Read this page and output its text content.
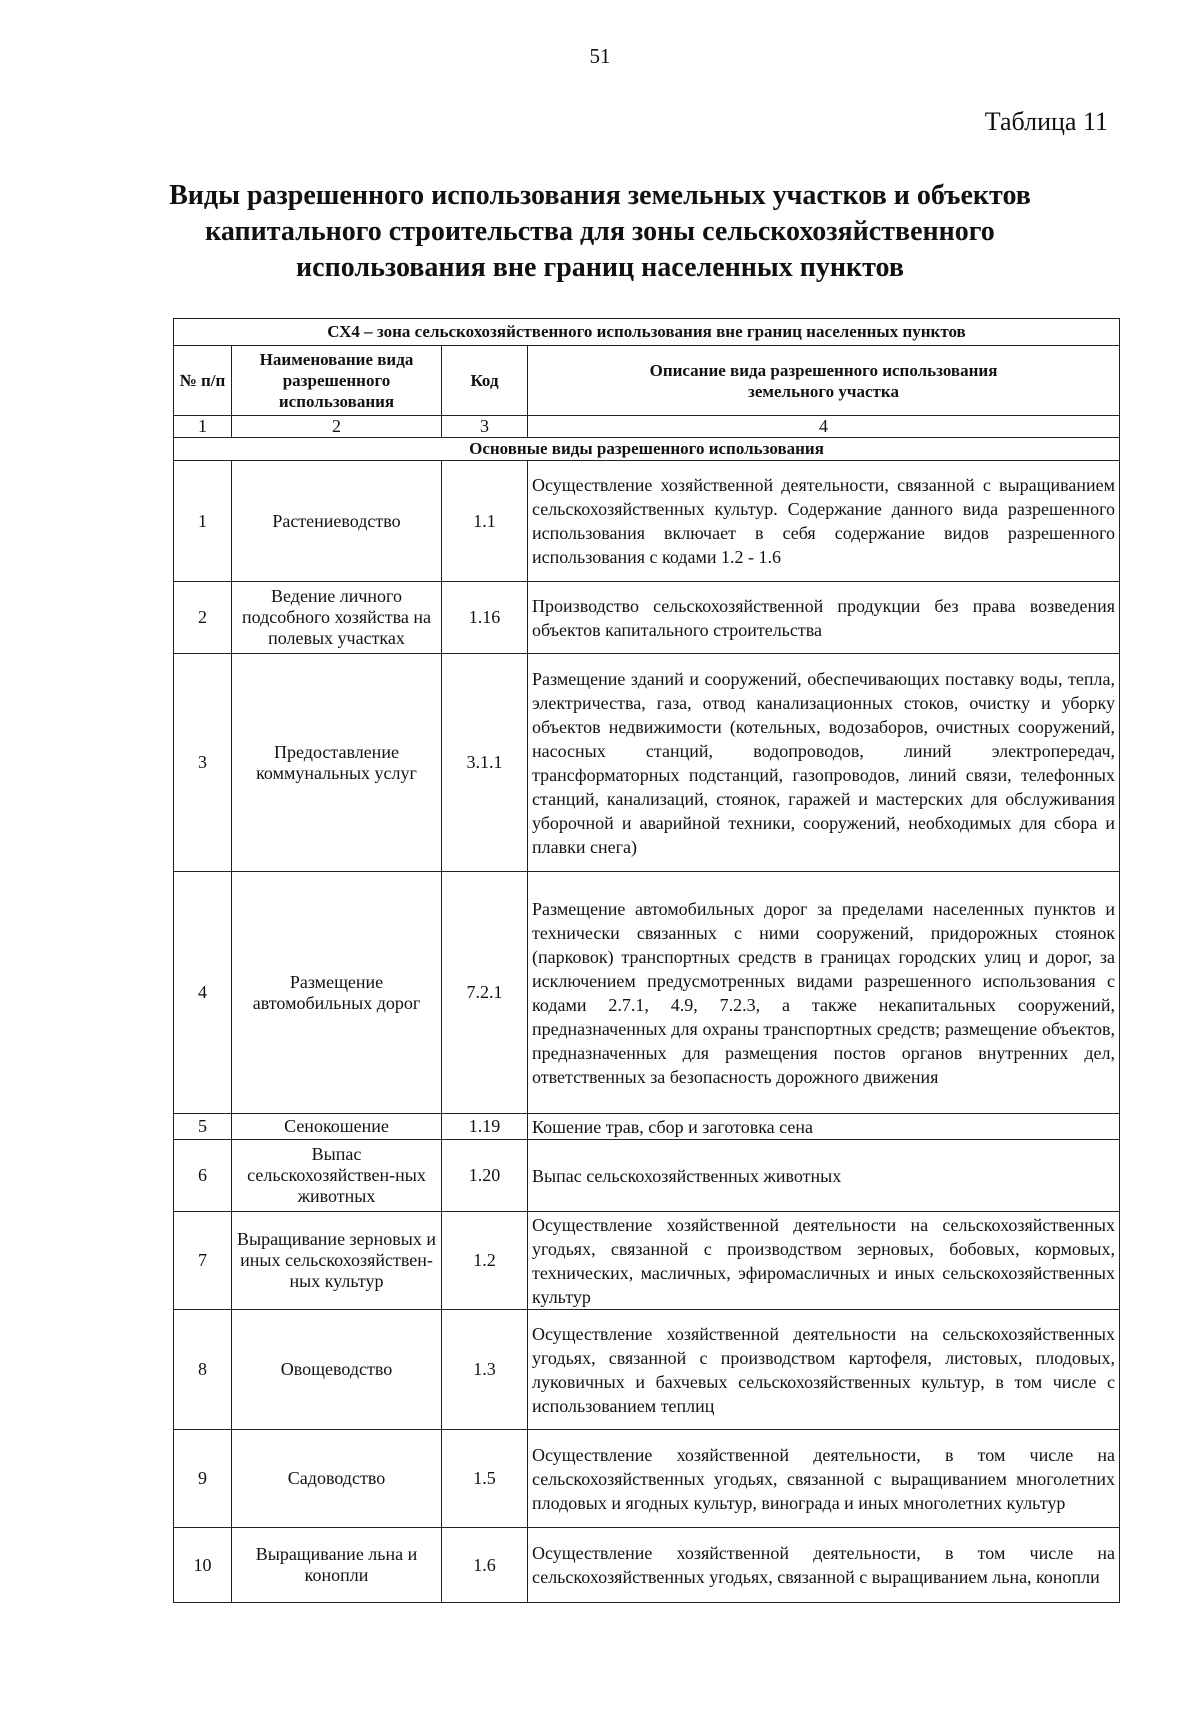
51
Таблица 11
Виды разрешенного использования земельных участков и объектов
капитального строительства для зоны сельскохозяйственного
использования вне границ населенных пунктов
СХ4 – зона сельскохозяйственного использования вне границ населенных пунктов			
№ п/п	Наименование вида разрешенного использования	Код	Описание вида разрешенного использования земельного участка
1	2	3	4
Основные виды разрешенного использования			
1	Растениеводство	1.1	Осуществление хозяйственной деятельности, связанной с выращиванием сельскохозяйственных культур. Содержание данного вида разрешенного использования включает в себя содержание видов разрешенного использования с кодами 1.2 - 1.6
2	Ведение личного подсобного хозяйства на полевых участках	1.16	Производство сельскохозяйственной продукции без права возведения объектов капитального строительства
3	Предоставление коммунальных услуг	3.1.1	Размещение зданий и сооружений, обеспечивающих поставку воды, тепла, электричества, газа, отвод канализационных стоков, очистку и уборку объектов недвижимости (котельных, водозаборов, очистных сооружений, насосных станций, водопроводов, линий электропередач, трансформаторных подстанций, газопроводов, линий связи, телефонных станций, канализаций, стоянок, гаражей и мастерских для обслуживания уборочной и аварийной техники, сооружений, необходимых для сбора и плавки снега)
4	Размещение автомобильных дорог	7.2.1	Размещение автомобильных дорог за пределами населенных пунктов и технически связанных с ними сооружений, придорожных стоянок (парковок) транспортных средств в границах городских улиц и дорог, за исключением предусмотренных видами разрешенного использования с кодами 2.7.1, 4.9, 7.2.3, а также некапитальных сооружений, предназначенных для охраны транспортных средств; размещение объектов, предназначенных для размещения постов органов внутренних дел, ответственных за безопасность дорожного движения
5	Сенокошение	1.19	Кошение трав, сбор и заготовка сена
6	Выпас сельскохозяйствен-ных животных	1.20	Выпас сельскохозяйственных животных
7	Выращивание зерновых и иных сельскохозяйствен-ных культур	1.2	Осуществление хозяйственной деятельности на сельскохозяйственных угодьях, связанной с производством зерновых, бобовых, кормовых, технических, масличных, эфиромасличных и иных сельскохозяйственных культур
8	Овощеводство	1.3	Осуществление хозяйственной деятельности на сельскохозяйственных угодьях, связанной с производством картофеля, листовых, плодовых, луковичных и бахчевых сельскохозяйственных культур, в том числе с использованием теплиц
9	Садоводство	1.5	Осуществление хозяйственной деятельности, в том числе на сельскохозяйственных угодьях, связанной с выращиванием многолетних плодовых и ягодных культур, винограда и иных многолетних культур
10	Выращивание льна и конопли	1.6	Осуществление хозяйственной деятельности, в том числе на сельскохозяйственных угодьях, связанной с выращиванием льна, конопли
